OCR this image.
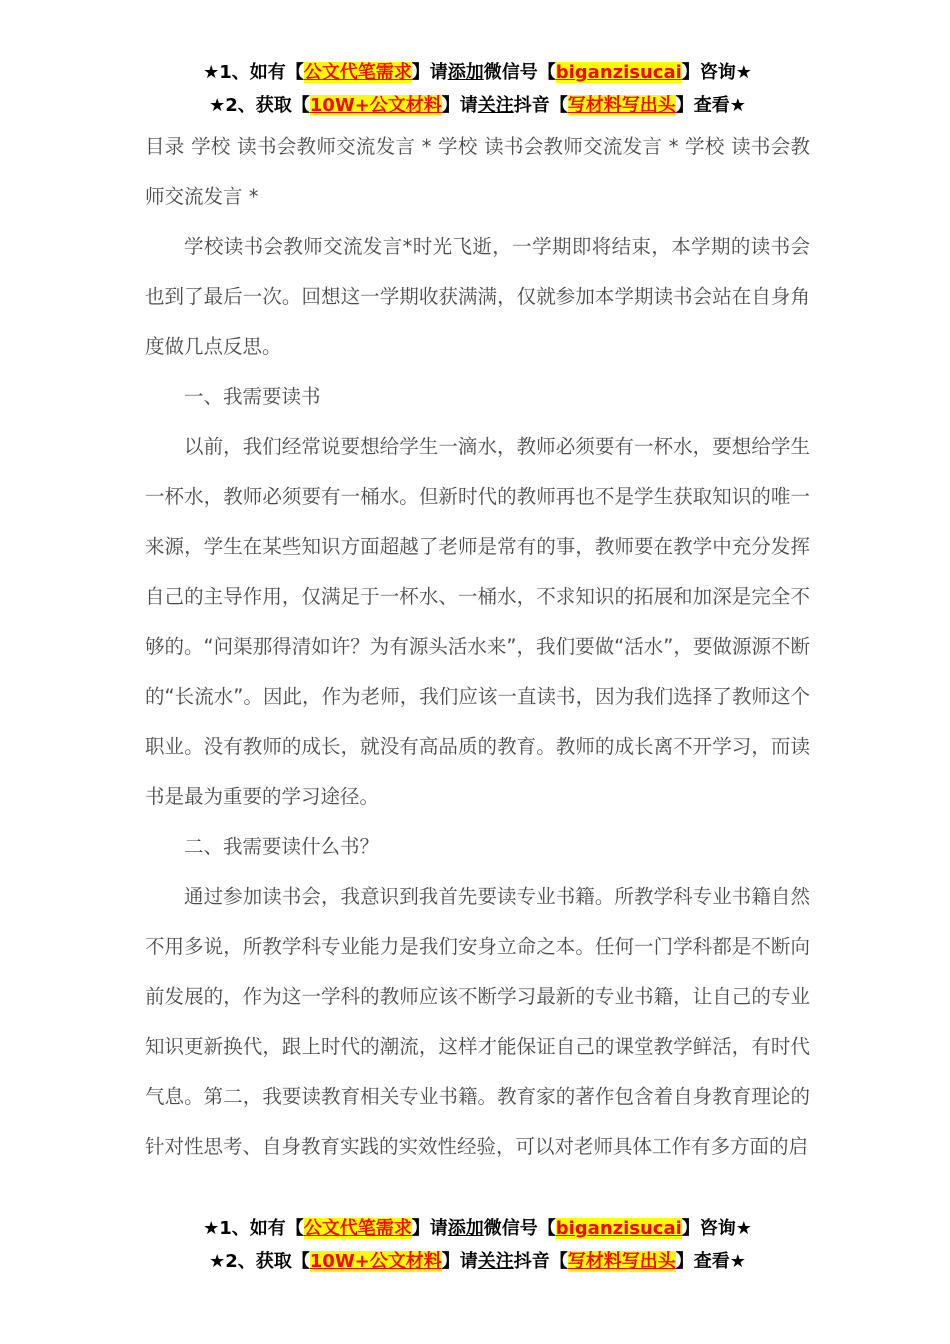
★1、如有【公文代笔需求】请添加微信号【biganzisucai】咨询★
★2、获取【10W+公文材料】请关注抖音【写材料写出头】查看★

目录 学校 读书会教师交流发言 * 学校 读书会教师交流发言 * 学校 读书会教师交流发言 *

学校读书会教师交流发言*时光飞逝，一学期即将结束，本学期的读书会也到了最后一次。回想这一学期收获满满，仅就参加本学期读书会站在自身角度做几点反思。

一、我需要读书

以前，我们经常说要想给学生一滴水，教师必须要有一杯水，要想给学生一杯水，教师必须要有一桶水。但新时代的教师再也不是学生获取知识的唯一来源，学生在某些知识方面超越了老师是常有的事，教师要在教学中充分发挥自己的主导作用，仅满足于一杯水、一桶水，不求知识的拓展和加深是完全不够的。“问渠那得清如许？为有源头活水来”，我们要做“活水”，要做源源不断的“长流水”。因此，作为老师，我们应该一直读书，因为我们选择了教师这个职业。没有教师的成长，就没有高品质的教育。教师的成长离不开学习，而读书是最为重要的学习途径。

二、我需要读什么书？

通过参加读书会，我意识到我首先要读专业书籍。所教学科专业书籍自然不用多说，所教学科专业能力是我们安身立命之本。任何一门学科都是不断向前发展的，作为这一学科的教师应该不断学习最新的专业书籍，让自己的专业知识更新换代，跟上时代的潮流，这样才能保证自己的课堂教学鲜活，有时代气息。第二，我要读教育相关专业书籍。教育家的著作包含着自身教育理论的针对性思考、自身教育实践的实效性经验，可以对老师具体工作有多方面的启

★1、如有【公文代笔需求】请添加微信号【biganzisucai】咨询★
★2、获取【10W+公文材料】请关注抖音【写材料写出头】查看★
